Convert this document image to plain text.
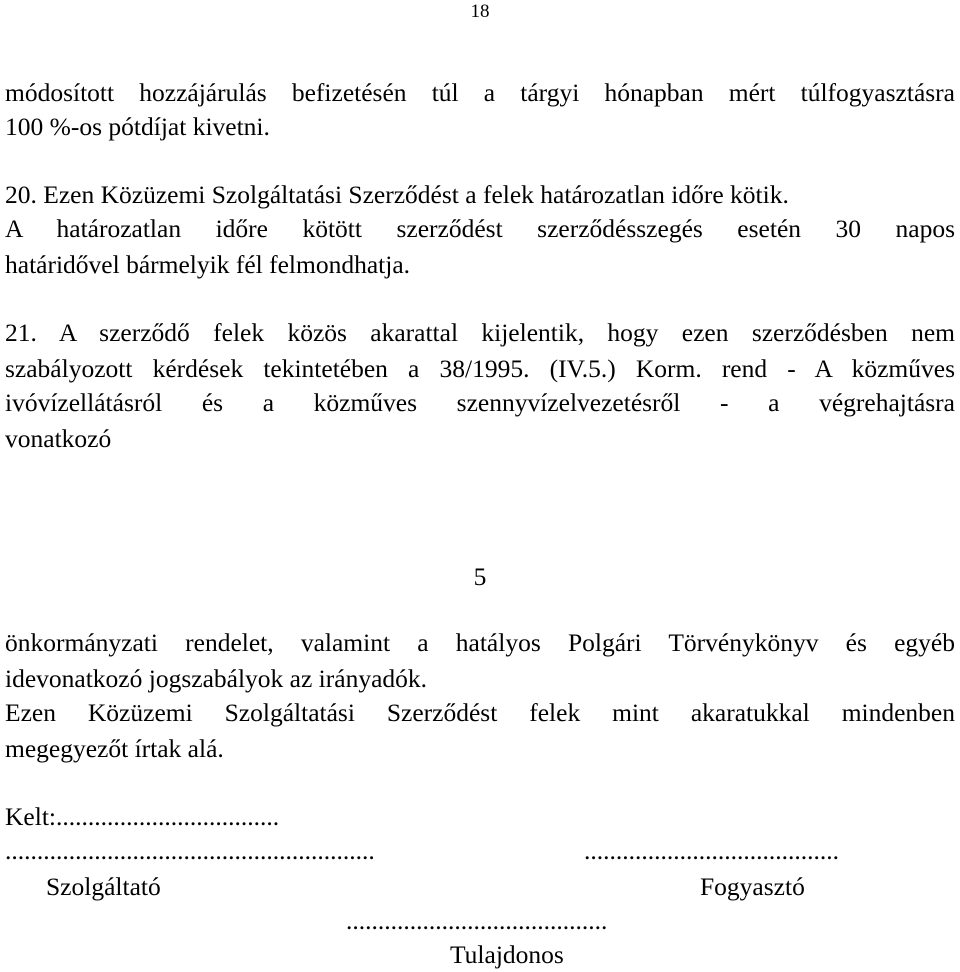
18
módosított hozzájárulás befizetésén túl a tárgyi hónapban mért túlfogyasztásra
100 %-os pótdíjat kivetni.
20. Ezen Közüzemi Szolgáltatási Szerződést a felek határozatlan időre kötik.
A határozatlan időre kötött szerződést szerződésszegés esetén 30 napos
határidővel bármelyik fél felmondhatja.
21. A szerződő felek közös akarattal kijelentik, hogy ezen szerződésben nem
szabályozott kérdések tekintetében a 38/1995. (IV.5.) Korm. rend - A közműves
ivóvízellátásról és a közműves szennyvízelvezetésről - a végrehajtásra
vonatkozó
5
önkormányzati rendelet, valamint a hatályos Polgári Törvénykönyv és egyéb
idevonatkozó jogszabályok az irányadók.
Ezen Közüzemi Szolgáltatási Szerződést felek mint akaratukkal mindenben
megegyezőt írtak alá.
Kelt:...................................
..........................................................	........................................
Szolgáltató	Fogyasztó
.........................................
Tulajdonos
